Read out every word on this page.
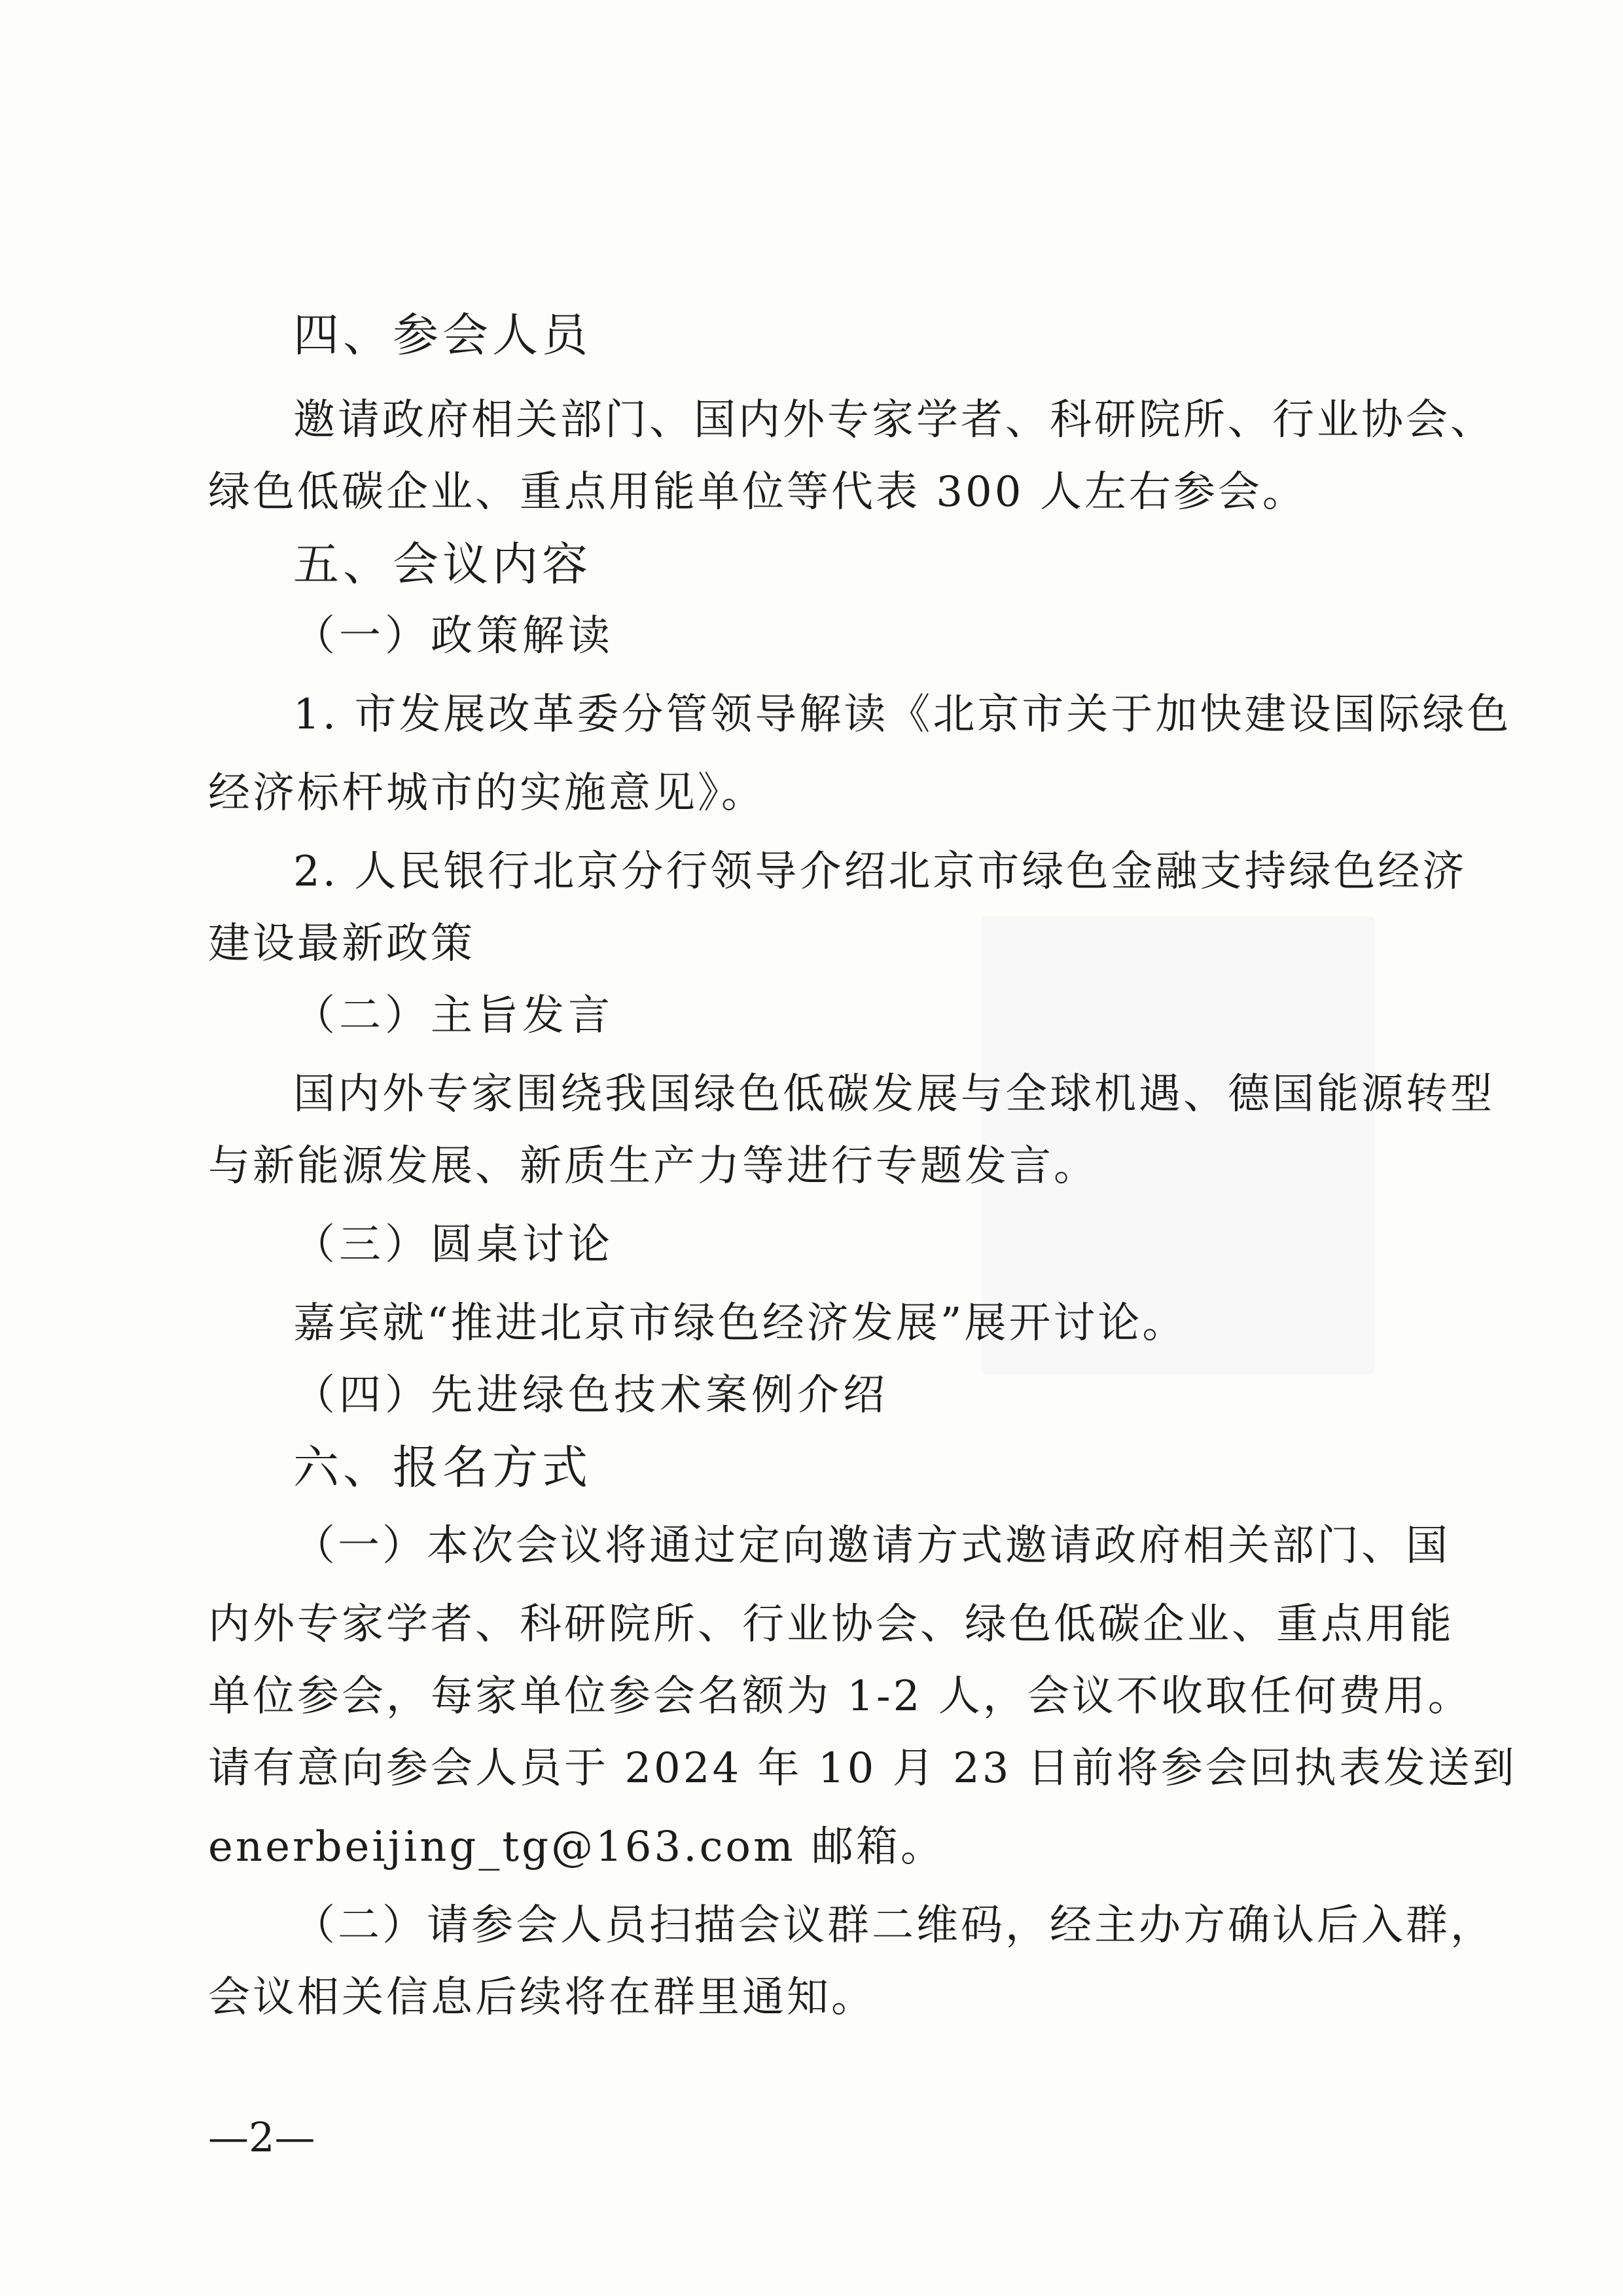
四、参会人员
邀请政府相关部门、国内外专家学者、科研院所、行业协会、
绿色低碳企业、重点用能单位等代表 300 人左右参会。
五、会议内容
（一）政策解读
1. 市发展改革委分管领导解读《北京市关于加快建设国际绿色
经济标杆城市的实施意见》。
2. 人民银行北京分行领导介绍北京市绿色金融支持绿色经济
建设最新政策
（二）主旨发言
国内外专家围绕我国绿色低碳发展与全球机遇、德国能源转型
与新能源发展、新质生产力等进行专题发言。
（三）圆桌讨论
嘉宾就“推进北京市绿色经济发展”展开讨论。
（四）先进绿色技术案例介绍
六、报名方式
（一）本次会议将通过定向邀请方式邀请政府相关部门、国
内外专家学者、科研院所、行业协会、绿色低碳企业、重点用能
单位参会，每家单位参会名额为 1-2 人，会议不收取任何费用。
请有意向参会人员于 2024 年 10 月 23 日前将参会回执表发送到
enerbeijing_tg@163.com 邮箱。
（二）请参会人员扫描会议群二维码，经主办方确认后入群，
会议相关信息后续将在群里通知。
—2—
